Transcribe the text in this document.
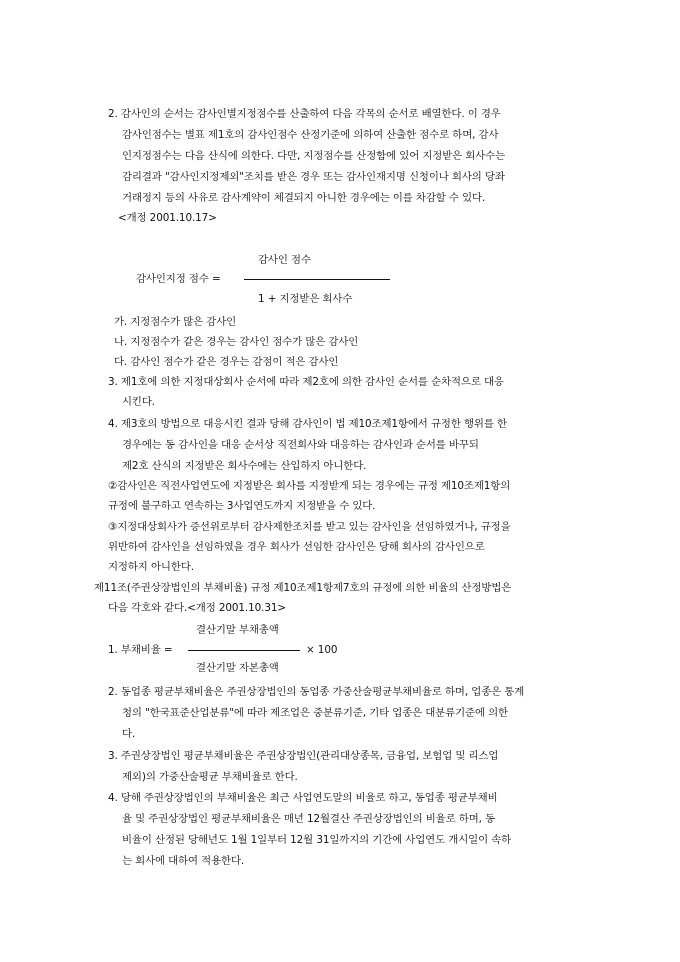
2. 감사인의 순서는 감사인별지정점수를 산출하여 다음 각목의 순서로 배열한다. 이 경우
감사인점수는 별표 제1호의 감사인점수 산정기준에 의하여 산출한 점수로 하며, 감사
인지정점수는 다음 산식에 의한다. 다만, 지정점수를 산정함에 있어 지정받은 회사수는
감리결과 "감사인지정제외"조치를 받은 경우 또는 감사인재지명 신청이나 회사의 당좌
거래정지 등의 사유로 감사계약이 체결되지 아니한 경우에는 이를 차감할 수 있다.
<개정 2001.10.17>
감사인 점수
감사인지정 점수 =
1 + 지정받은 회사수
가. 지정점수가 많은 감사인
나. 지정점수가 같은 경우는 감사인 점수가 많은 감사인
다. 감사인 점수가 같은 경우는 감점이 적은 감사인
3. 제1호에 의한 지정대상회사 순서에 따라 제2호에 의한 감사인 순서를 순차적으로 대응
시킨다.
4. 제3호의 방법으로 대응시킨 결과 당해 감사인이 법 제10조제1항에서 규정한 행위를 한
경우에는 동 감사인을 대응 순서상 직전회사와 대응하는 감사인과 순서를 바꾸되
제2호 산식의 지정받은 회사수에는 산입하지 아니한다.
②감사인은 직전사업연도에 지정받은 회사를 지정받게 되는 경우에는 규정 제10조제1항의
규정에 불구하고 연속하는 3사업연도까지 지정받을 수 있다.
③지정대상회사가 증선위로부터 감사제한조치를 받고 있는 감사인을 선임하였거나, 규정을
위반하여 감사인을 선임하였을 경우 회사가 선임한 감사인은 당해 회사의 감사인으로
지정하지 아니한다.
제11조(주권상장법인의 부채비율) 규정 제10조제1항제7호의 규정에 의한 비율의 산정방법은
다음 각호와 같다.<개정 2001.10.31>
결산기말 부채총액
1. 부채비율 =	× 100
결산기말 자본총액
2. 동업종 평균부채비율은 주권상장법인의 동업종 가중산술평균부채비율로 하며, 업종은 통계
청의 "한국표준산업분류"에 따라 제조업은 중분류기준, 기타 업종은 대분류기준에 의한
다.
3. 주권상장법인 평균부채비율은 주권상장법인(관리대상종목, 금융업, 보험업 및 리스업
제외)의 가중산술평균 부채비율로 한다.
4. 당해 주권상장법인의 부채비율은 최근 사업연도말의 비율로 하고, 동업종 평균부채비
율 및 주권상장법인 평균부채비율은 매년 12월결산 주권상장법인의 비율로 하며, 동
비율이 산정된 당해년도 1월 1일부터 12월 31일까지의 기간에 사업연도 개시일이 속하
는 회사에 대하여 적용한다.
